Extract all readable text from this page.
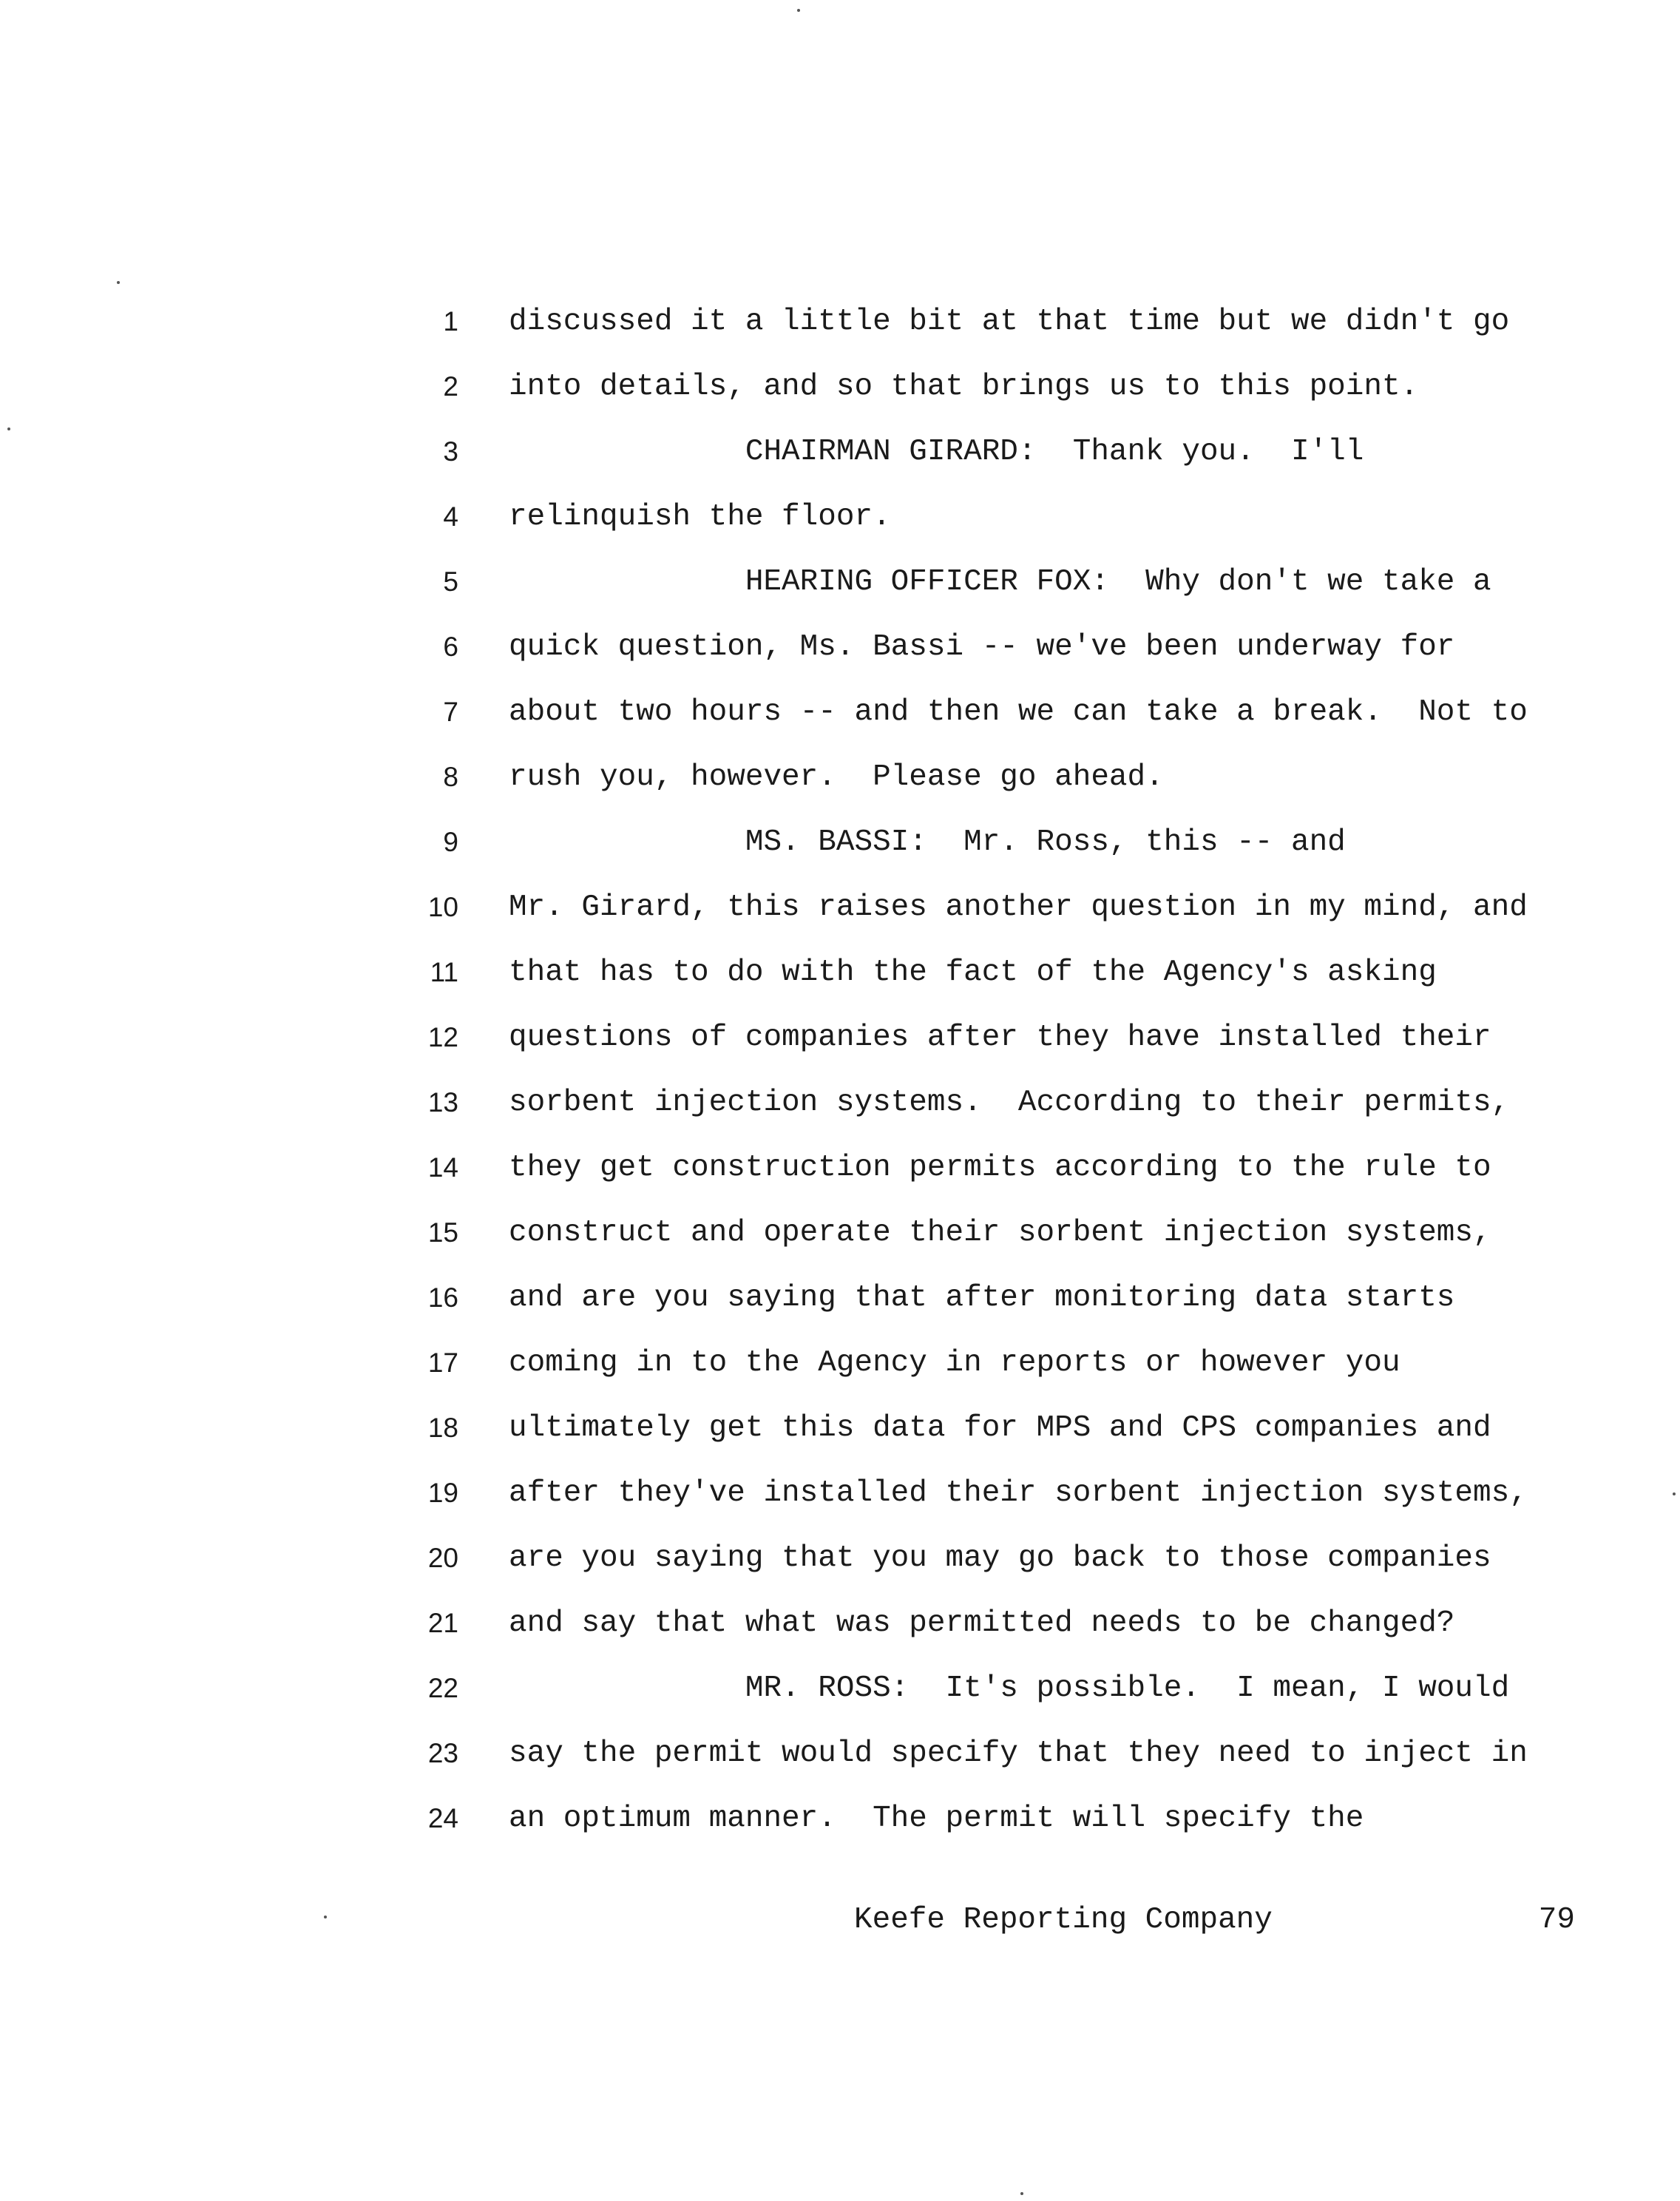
1 discussed it a little bit at that time but we didn't go
2 into details, and so that brings us to this point.
3 CHAIRMAN GIRARD:  Thank you.  I'll
4 relinquish the floor.
5 HEARING OFFICER FOX:  Why don't we take a
6 quick question, Ms. Bassi -- we've been underway for
7 about two hours -- and then we can take a break.  Not to
8 rush you, however.  Please go ahead.
9 MS. BASSI:  Mr. Ross, this -- and
10 Mr. Girard, this raises another question in my mind, and
11 that has to do with the fact of the Agency's asking
12 questions of companies after they have installed their
13 sorbent injection systems.  According to their permits,
14 they get construction permits according to the rule to
15 construct and operate their sorbent injection systems,
16 and are you saying that after monitoring data starts
17 coming in to the Agency in reports or however you
18 ultimately get this data for MPS and CPS companies and
19 after they've installed their sorbent injection systems,
20 are you saying that you may go back to those companies
21 and say that what was permitted needs to be changed?
22 MR. ROSS:  It's possible.  I mean, I would
23 say the permit would specify that they need to inject in
24 an optimum manner.  The permit will specify the
Keefe Reporting Company	79
